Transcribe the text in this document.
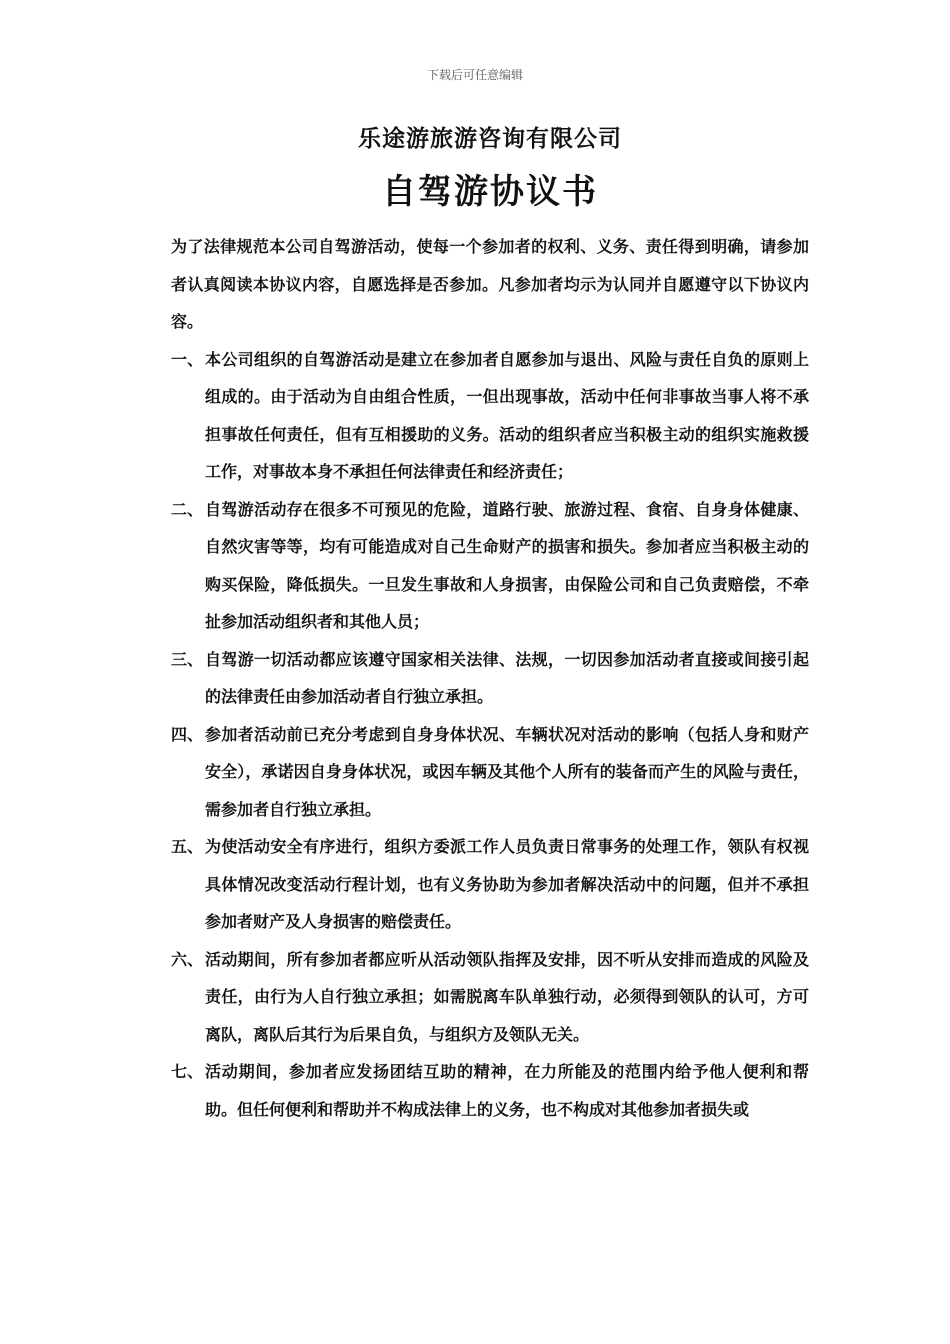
下载后可任意编辑
乐途游旅游咨询有限公司
自驾游协议书

为了法律规范本公司自驾游活动，使每一个参加者的权利、义务、责任得到明确，请参加者认真阅读本协议内容，自愿选择是否参加。凡参加者均示为认同并自愿遵守以下协议内容。

一、 本公司组织的自驾游活动是建立在参加者自愿参加与退出、风险与责任自负的原则上组成的。由于活动为自由组合性质，一但出现事故，活动中任何非事故当事人将不承担事故任何责任，但有互相援助的义务。活动的组织者应当积极主动的组织实施救援工作，对事故本身不承担任何法律责任和经济责任；
二、 自驾游活动存在很多不可预见的危险，道路行驶、旅游过程、食宿、自身身体健康、自然灾害等等，均有可能造成对自己生命财产的损害和损失。参加者应当积极主动的购买保险，降低损失。一旦发生事故和人身损害，由保险公司和自己负责赔偿，不牵扯参加活动组织者和其他人员；
三、 自驾游一切活动都应该遵守国家相关法律、法规，一切因参加活动者直接或间接引起的法律责任由参加活动者自行独立承担。
四、 参加者活动前已充分考虑到自身身体状况、车辆状况对活动的影响（包括人身和财产安全），承诺因自身身体状况，或因车辆及其他个人所有的装备而产生的风险与责任，需参加者自行独立承担。
五、 为使活动安全有序进行，组织方委派工作人员负责日常事务的处理工作，领队有权视具体情况改变活动行程计划，也有义务协助为参加者解决活动中的问题，但并不承担参加者财产及人身损害的赔偿责任。
六、 活动期间，所有参加者都应听从活动领队指挥及安排，因不听从安排而造成的风险及责任，由行为人自行独立承担；如需脱离车队单独行动，必须得到领队的认可，方可离队，离队后其行为后果自负，与组织方及领队无关。
七、 活动期间，参加者应发扬团结互助的精神，在力所能及的范围内给予他人便利和帮助。但任何便利和帮助并不构成法律上的义务，也不构成对其他参加者损失或
